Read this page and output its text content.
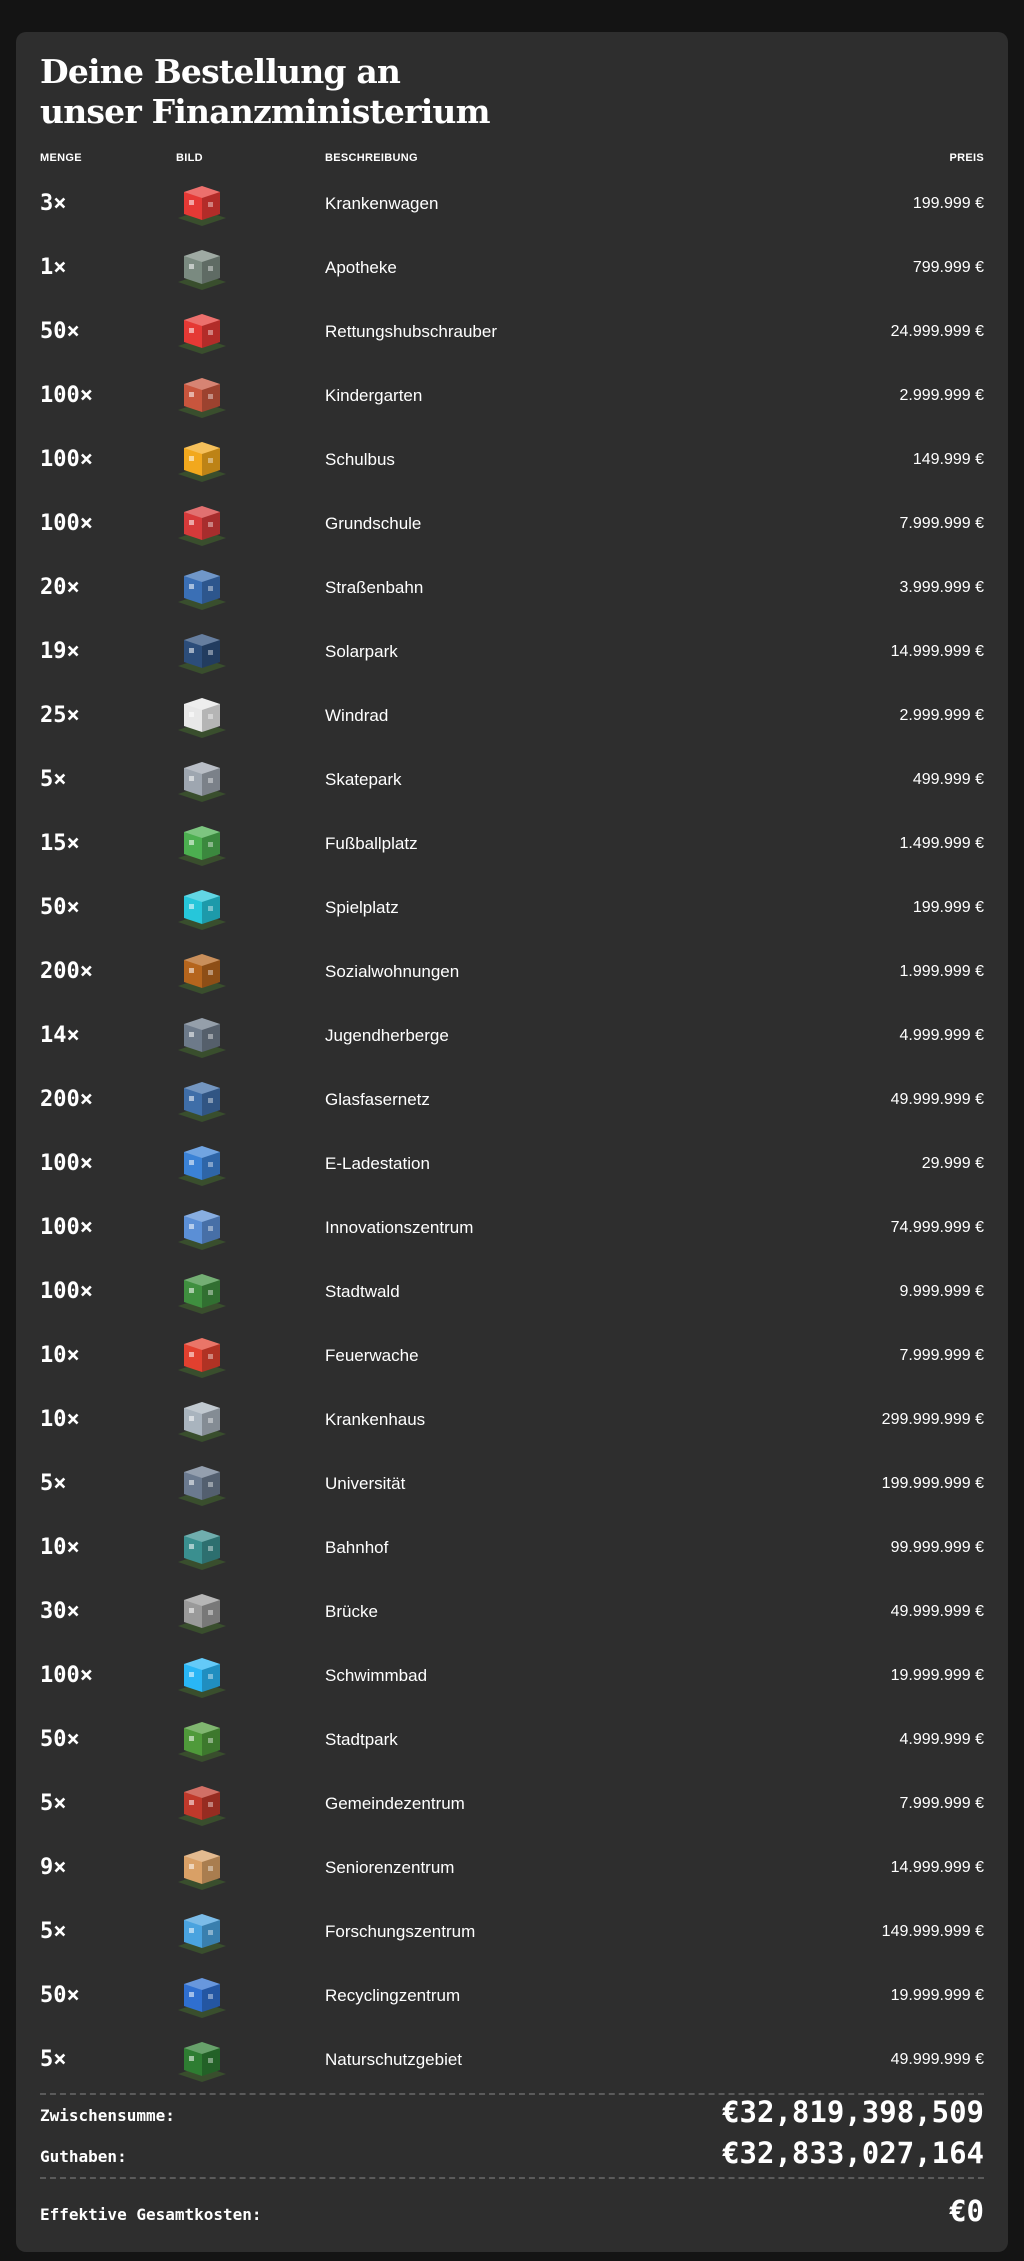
Deine Bestellung an
unser Finanzministerium
MENGE	BILD	BESCHREIBUNG	PREIS
3×	Krankenwagen	199.999 €
1×	Apotheke	799.999 €
50×	Rettungshubschrauber	24.999.999 €
100×	Kindergarten	2.999.999 €
100×	Schulbus	149.999 €
100×	Grundschule	7.999.999 €
20×	Straßenbahn	3.999.999 €
19×	Solarpark	14.999.999 €
25×	Windrad	2.999.999 €
5×	Skatepark	499.999 €
15×	Fußballplatz	1.499.999 €
50×	Spielplatz	199.999 €
200×	Sozialwohnungen	1.999.999 €
14×	Jugendherberge	4.999.999 €
200×	Glasfasernetz	49.999.999 €
100×	E-Ladestation	29.999 €
100×	Innovationszentrum	74.999.999 €
100×	Stadtwald	9.999.999 €
10×	Feuerwache	7.999.999 €
10×	Krankenhaus	299.999.999 €
5×	Universität	199.999.999 €
10×	Bahnhof	99.999.999 €
30×	Brücke	49.999.999 €
100×	Schwimmbad	19.999.999 €
50×	Stadtpark	4.999.999 €
5×	Gemeindezentrum	7.999.999 €
9×	Seniorenzentrum	14.999.999 €
5×	Forschungszentrum	149.999.999 €
50×	Recyclingzentrum	19.999.999 €
5×	Naturschutzgebiet	49.999.999 €
Zwischensumme:	€32,819,398,509
Guthaben:	€32,833,027,164
Effektive Gesamtkosten:	€0
